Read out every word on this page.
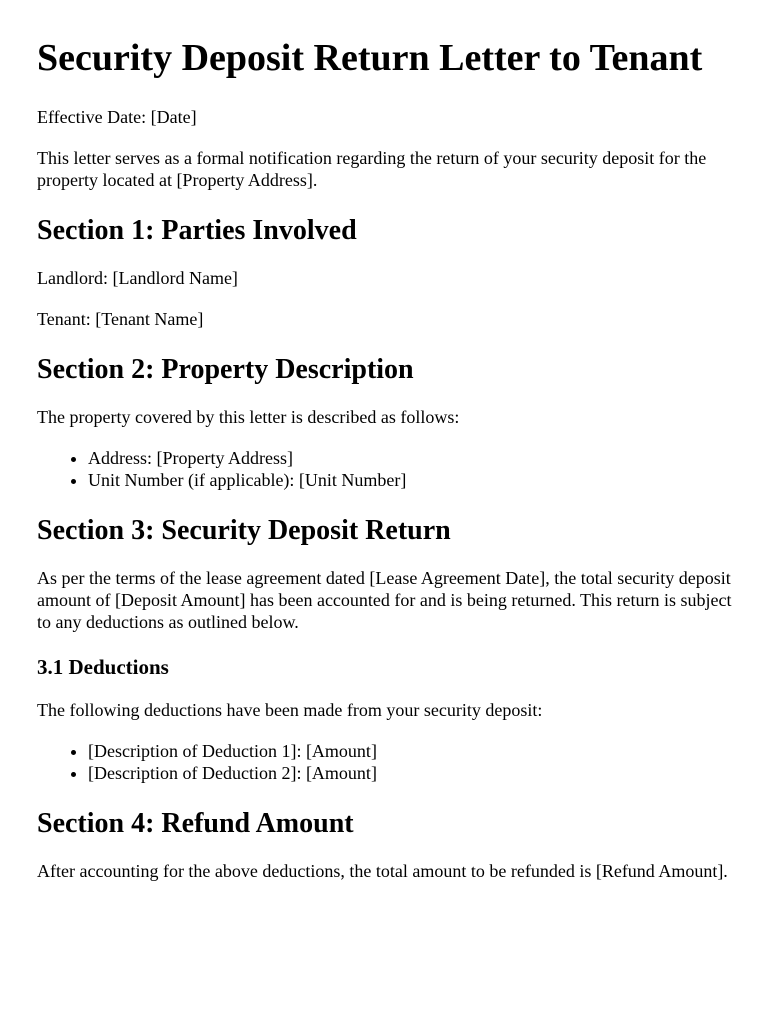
Security Deposit Return Letter to Tenant

Effective Date: [Date]

This letter serves as a formal notification regarding the return of your security deposit for the property located at [Property Address].

Section 1: Parties Involved

Landlord: [Landlord Name]

Tenant: [Tenant Name]

Section 2: Property Description

The property covered by this letter is described as follows:

• Address: [Property Address]
• Unit Number (if applicable): [Unit Number]
Section 3: Security Deposit Return

As per the terms of the lease agreement dated [Lease Agreement Date], the total security deposit amount of [Deposit Amount] has been accounted for and is being returned. This return is subject to any deductions as outlined below.

3.1 Deductions

The following deductions have been made from your security deposit:

• [Description of Deduction 1]: [Amount]
• [Description of Deduction 2]: [Amount]
Section 4: Refund Amount

After accounting for the above deductions, the total amount to be refunded is [Refund Amount].
